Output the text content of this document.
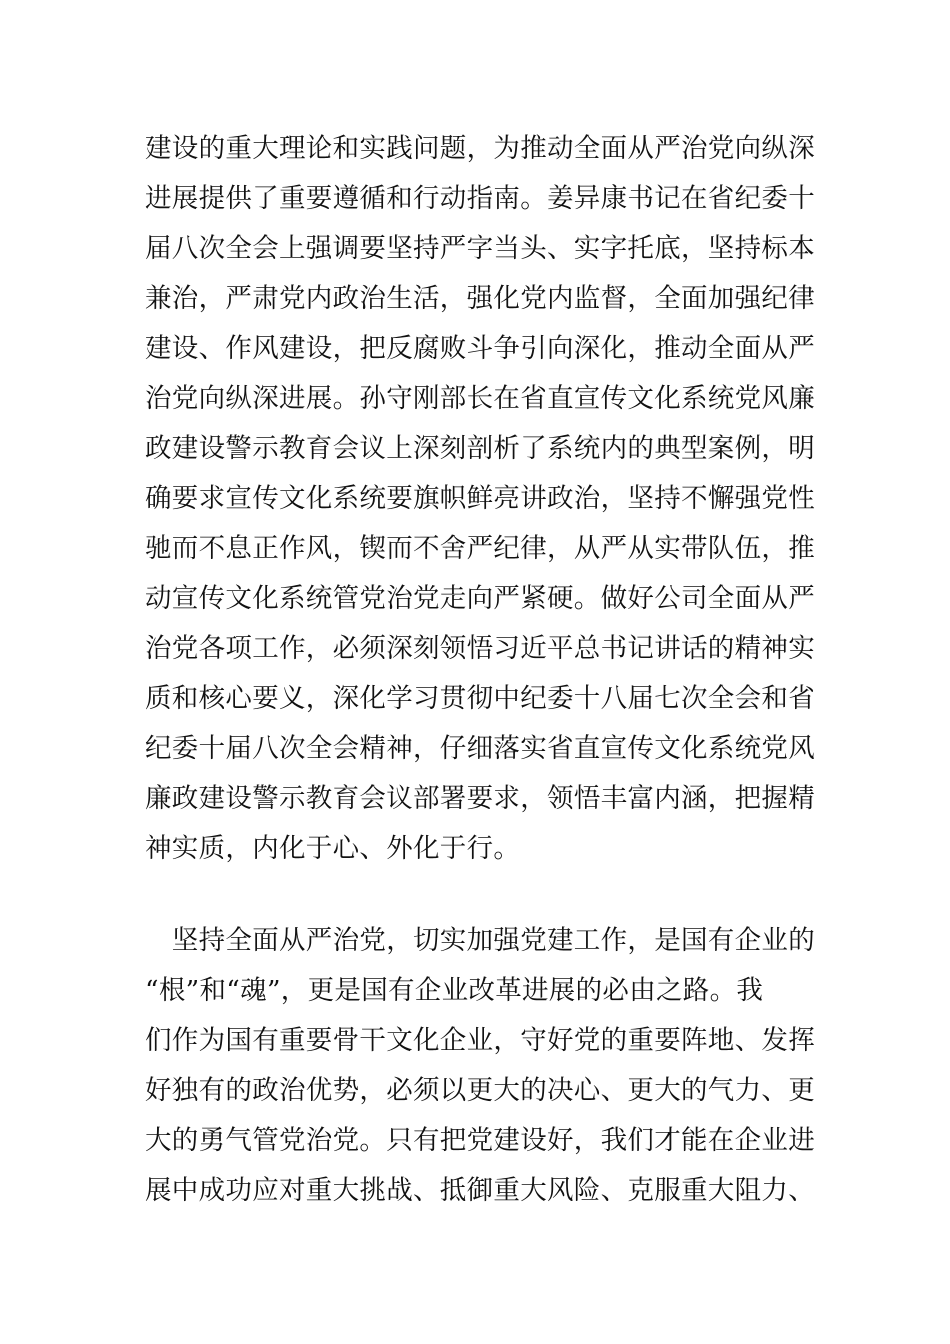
建设的重大理论和实践问题，为推动全面从严治党向纵深
进展提供了重要遵循和行动指南。姜异康书记在省纪委十
届八次全会上强调要坚持严字当头、实字托底，坚持标本
兼治，严肃党内政治生活，强化党内监督，全面加强纪律
建设、作风建设，把反腐败斗争引向深化，推动全面从严
治党向纵深进展。孙守刚部长在省直宣传文化系统党风廉
政建设警示教育会议上深刻剖析了系统内的典型案例，明
确要求宣传文化系统要旗帜鲜亮讲政治，坚持不懈强党性
驰而不息正作风，锲而不舍严纪律，从严从实带队伍，推
动宣传文化系统管党治党走向严紧硬。做好公司全面从严
治党各项工作，必须深刻领悟习近平总书记讲话的精神实
质和核心要义，深化学习贯彻中纪委十八届七次全会和省
纪委十届八次全会精神，仔细落实省直宣传文化系统党风
廉政建设警示教育会议部署要求，领悟丰富内涵，把握精
神实质，内化于心、外化于行。
　坚持全面从严治党，切实加强党建工作，是国有企业的
“根”和“魂”，更是国有企业改革进展的必由之路。我
们作为国有重要骨干文化企业，守好党的重要阵地、发挥
好独有的政治优势，必须以更大的决心、更大的气力、更
大的勇气管党治党。只有把党建设好，我们才能在企业进
展中成功应对重大挑战、抵御重大风险、克服重大阻力、
